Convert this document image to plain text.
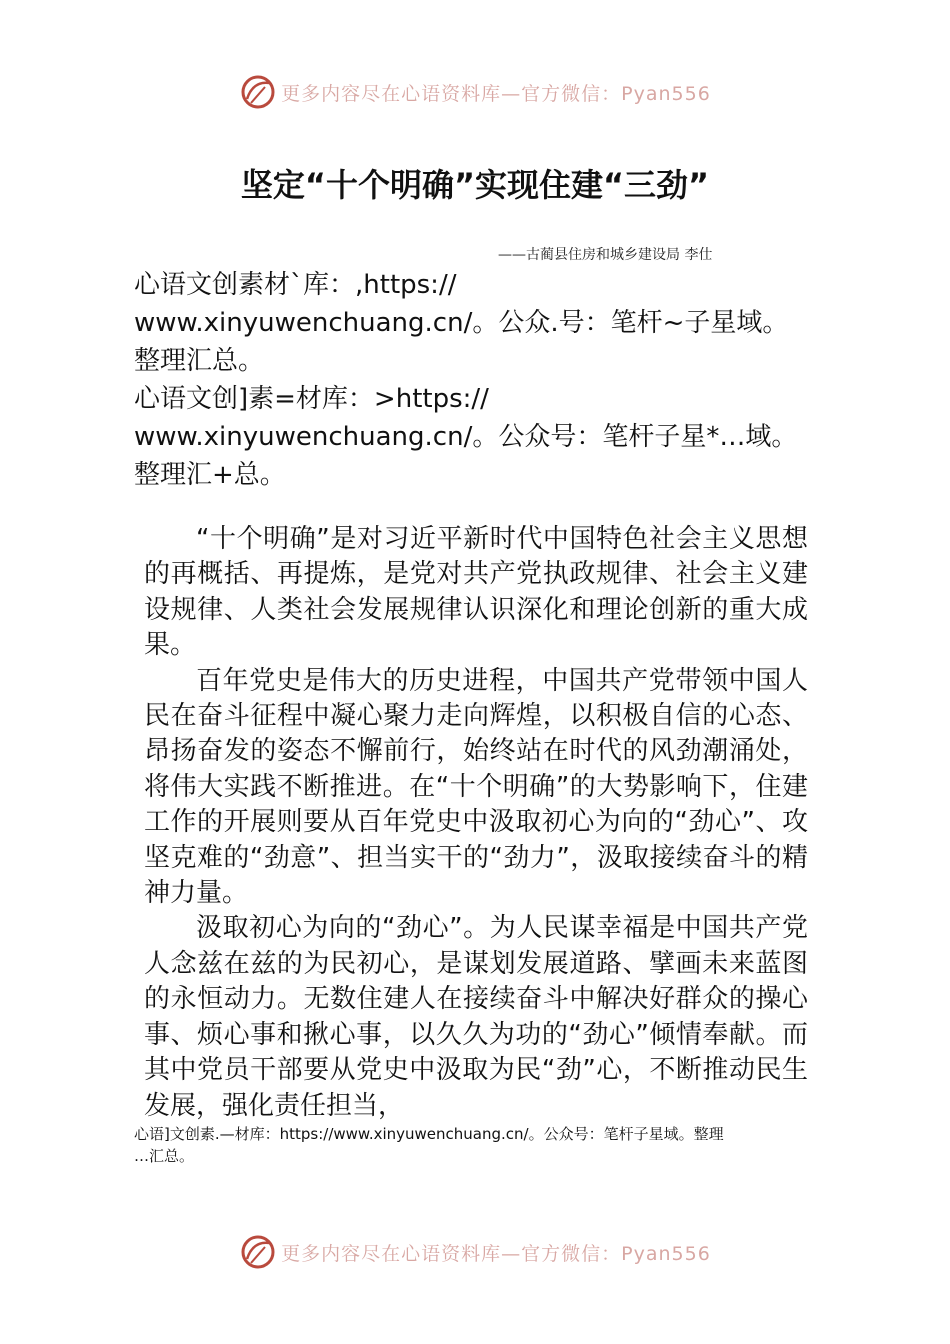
更多内容尽在心语资料库—官方微信：Pyan556
坚定“十个明确”实现住建“三劲”
——古蔺县住房和城乡建设局 李仕
心语文创素材`库：,https://
www.xinyuwenchuang.cn/。公众.号：笔杆~子星域。
整理汇总。
心语文创]素=材库：>https://
www.xinyuwenchuang.cn/。公众号：笔杆子星*…域。
整理汇+总。

“十个明确”是对习近平新时代中国特色社会主义思想的再概括、再提炼，是党对共产党执政规律、社会主义建设规律、人类社会发展规律认识深化和理论创新的重大成果。

百年党史是伟大的历史进程，中国共产党带领中国人民在奋斗征程中凝心聚力走向辉煌，以积极自信的心态、昂扬奋发的姿态不懈前行，始终站在时代的风劲潮涌处，将伟大实践不断推进。在“十个明确”的大势影响下，住建工作的开展则要从百年党史中汲取初心为向的“劲心”、攻坚克难的“劲意”、担当实干的“劲力”，汲取接续奋斗的精神力量。

汲取初心为向的“劲心”。为人民谋幸福是中国共产党人念兹在兹的为民初心，是谋划发展道路、擘画未来蓝图的永恒动力。无数住建人在接续奋斗中解决好群众的操心事、烦心事和揪心事，以久久为功的“劲心”倾情奉献。而其中党员干部要从党史中汲取为民“劲”心，不断推动民生发展，强化责任担当，

心语]文创素.—材库：https://www.xinyuwenchuang.cn/。公众号：笔杆子星域。整理
…汇总。
更多内容尽在心语资料库—官方微信：Pyan556
